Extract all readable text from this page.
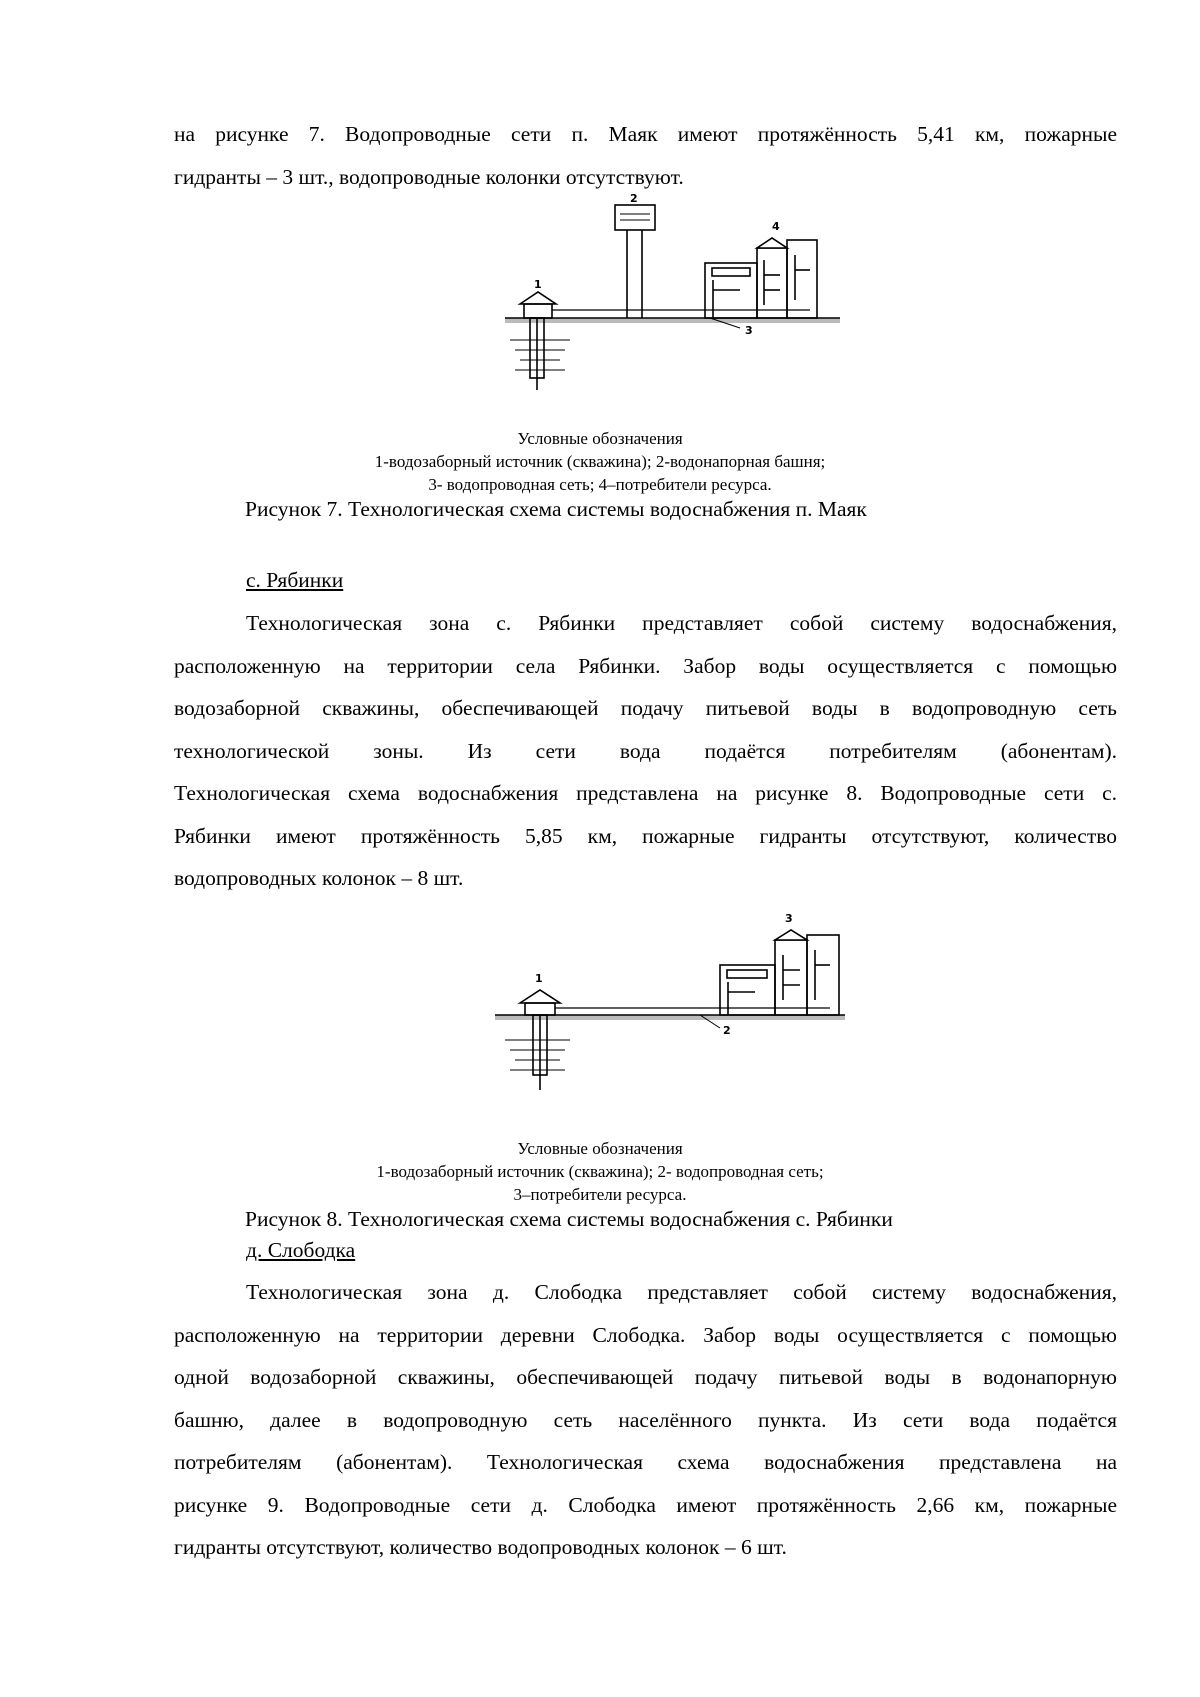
на рисунке 7. Водопроводные сети п. Маяк имеют протяжённость 5,41 км, пожарные
гидранты – 3 шт., водопроводные колонки отсутствуют.
1
2
3
4
Условные обозначения
1-водозаборный источник (скважина); 2-водонапорная башня;
3- водопроводная сеть; 4–потребители ресурса.
Рисунок 7. Технологическая схема системы водоснабжения п. Маяк
с. Рябинки
Технологическая зона с. Рябинки представляет собой систему водоснабжения,
расположенную на территории села Рябинки. Забор воды осуществляется с помощью
водозаборной скважины, обеспечивающей подачу питьевой воды в водопроводную сеть
технологической зоны. Из сети вода подаётся потребителям (абонентам).
Технологическая схема водоснабжения представлена на рисунке 8. Водопроводные сети с.
Рябинки имеют протяжённость 5,85 км, пожарные гидранты отсутствуют, количество
водопроводных колонок – 8 шт.
1
2
3
Условные обозначения
1-водозаборный источник (скважина); 2- водопроводная сеть;
3–потребители ресурса.
Рисунок 8. Технологическая схема системы водоснабжения с. Рябинки
д. Слободка
Технологическая зона д. Слободка представляет собой систему водоснабжения,
расположенную на территории деревни Слободка. Забор воды осуществляется с помощью
одной водозаборной скважины, обеспечивающей подачу питьевой воды в водонапорную
башню, далее в водопроводную сеть населённого пункта. Из сети вода подаётся
потребителям (абонентам). Технологическая схема водоснабжения представлена на
рисунке 9. Водопроводные сети д. Слободка имеют протяжённость 2,66 км, пожарные
гидранты отсутствуют, количество водопроводных колонок – 6 шт.
